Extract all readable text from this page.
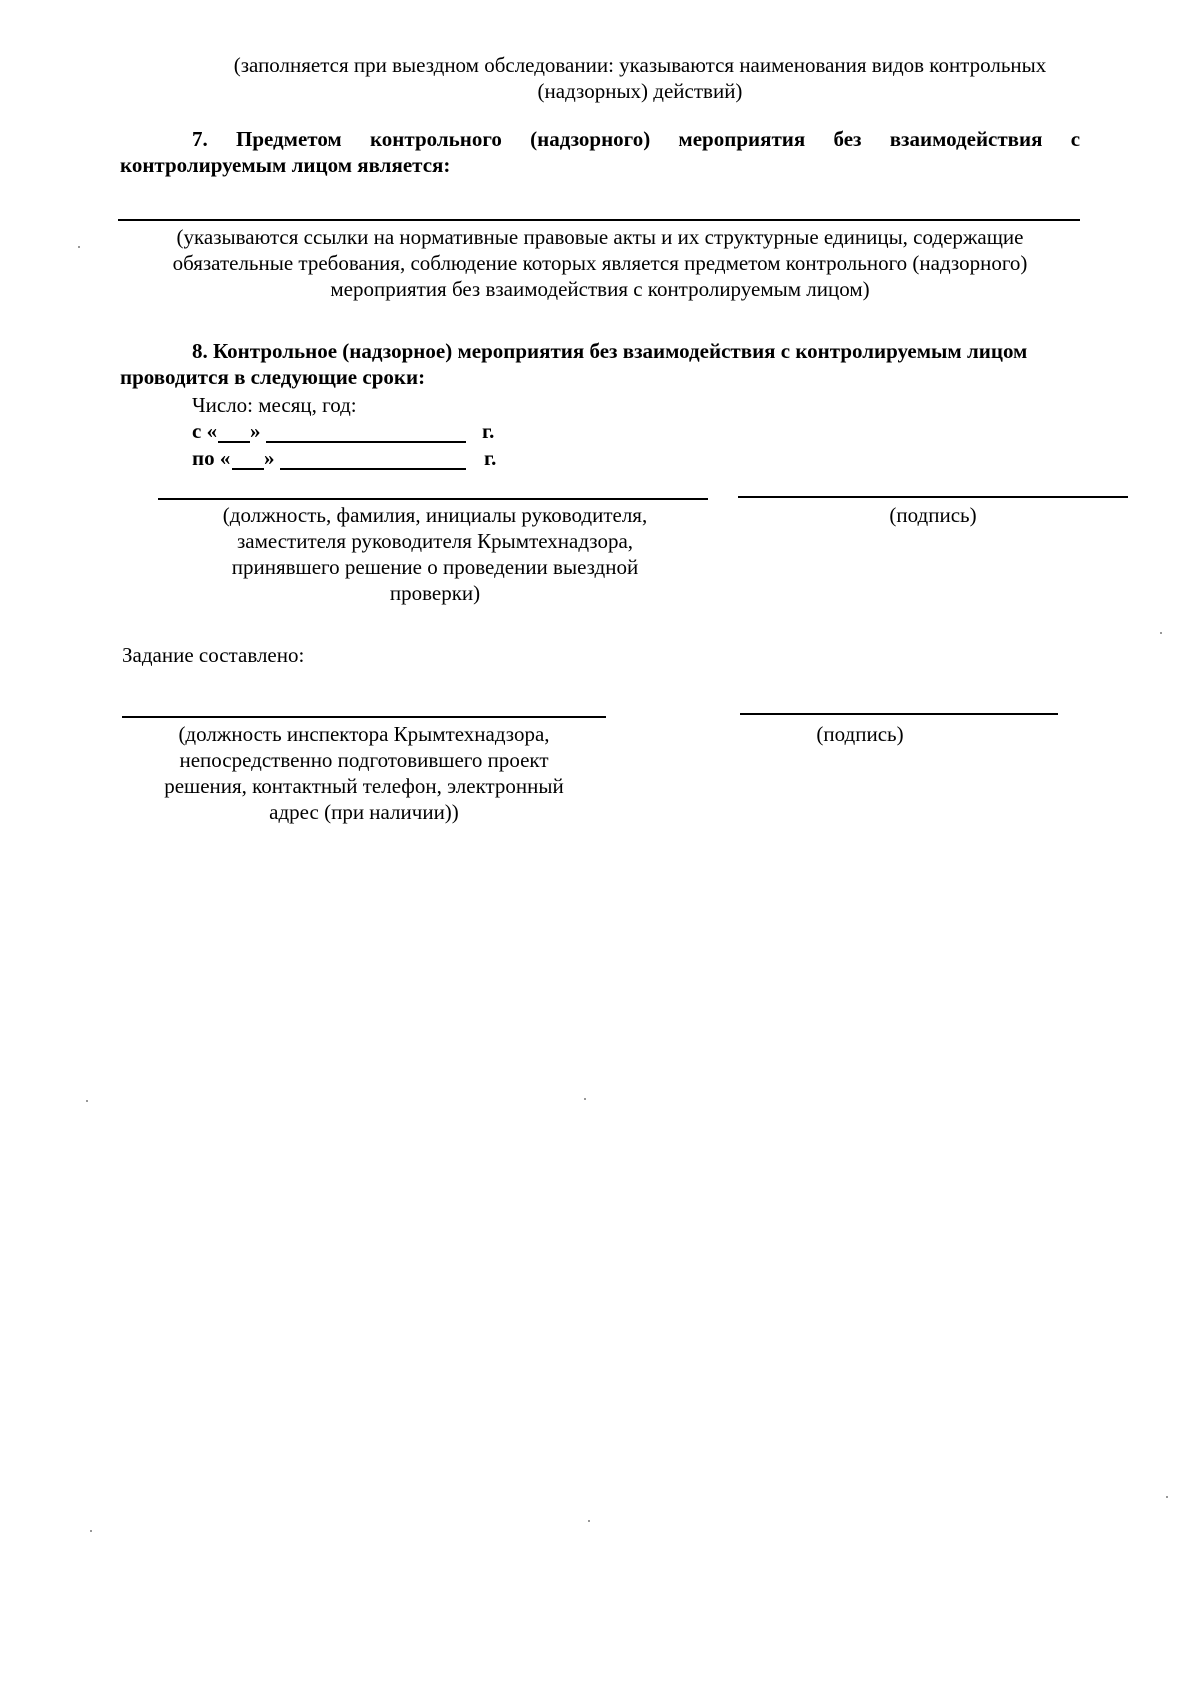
(заполняется при выездном обследовании: указываются наименования видов контрольных
(надзорных) действий)
7. Предметом контрольного (надзорного) мероприятия без взаимодействия с
контролируемым лицом является:
(указываются ссылки на нормативные правовые акты и их структурные единицы, содержащие
обязательные требования, соблюдение которых является предметом контрольного (надзорного)
мероприятия без взаимодействия с контролируемым лицом)
8. Контрольное (надзорное) мероприятия без взаимодействия с контролируемым лицом
проводится в следующие сроки:
Число: месяц, год:
с « »	г.
по « »	г.
(должность, фамилия, инициалы руководителя,
заместителя руководителя Крымтехнадзора,
принявшего решение о проведении выездной
проверки)
(подпись)
Задание составлено:
(должность инспектора Крымтехнадзора,
непосредственно подготовившего проект
решения, контактный телефон, электронный
адрес (при наличии))
(подпись)
